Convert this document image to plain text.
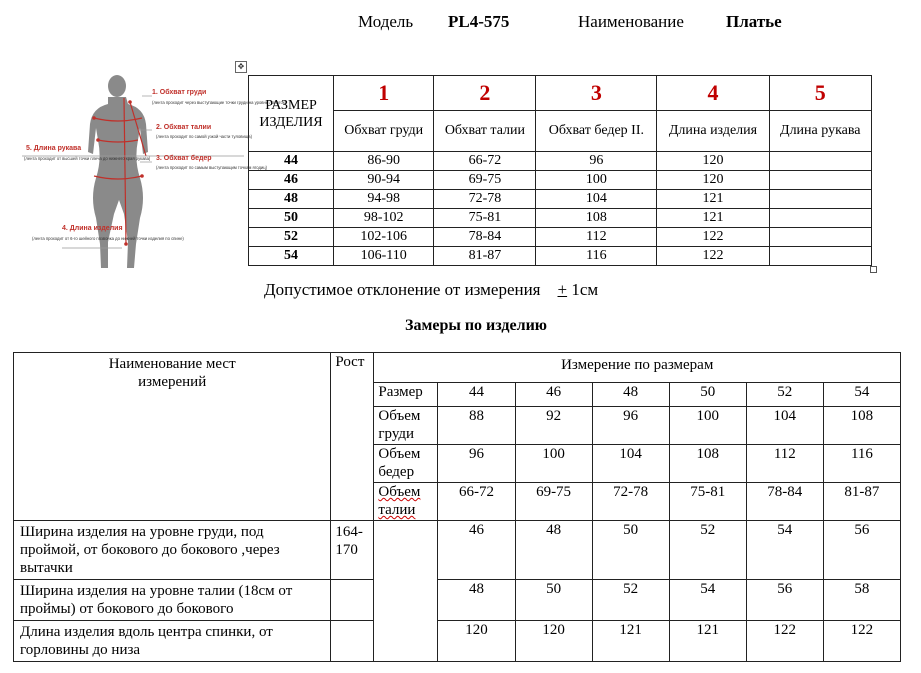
Модель PL4-575	Наименование Платье
✥
1. Обхват груди
(лента проходит через выступающие точки груди на уровне лопаток)
2. Обхват талии
(лента проходит по самой узкой части туловища)
3. Обхват бедер
(лента проходит по самым выступающим точкам ягодиц)
4. Длина изделия
(лента проходит от 6-го шейного позвонка до нижней точки изделия по спине)
5. Длина рукава
(лента проходит от высшей точки плеча до нижнего края рукава)
РАЗМЕР ИЗДЕЛИЯ	1	2	3	4	5
	Обхват груди	Обхват талии	Обхват бедер II.	Длина изделия	Длина рукава
44	86-90	66-72	96	120	
46	90-94	69-75	100	120	
48	94-98	72-78	104	121	
50	98-102	75-81	108	121	
52	102-106	78-84	112	122	
54	106-110	81-87	116	122	
Допустимое отклонение от измерения + 1см
Замеры по изделию
Наименование мест измерений	Рост	Измерение по размерам						
		Размер	44	46	48	50	52	54
		Объем груди	88	92	96	100	104	108
		Объем бедер	96	100	104	108	112	116
		Объем талии	66-72	69-75	72-78	75-81	78-84	81-87
Ширина изделия на уровне груди, под проймой, от бокового до бокового ,через вытачки	164-170		46	48	50	52	54	56
Ширина изделия на уровне талии (18см от проймы) от бокового до бокового			48	50	52	54	56	58
Длина изделия вдоль центра спинки, от горловины до низа			120	120	121	121	122	122
